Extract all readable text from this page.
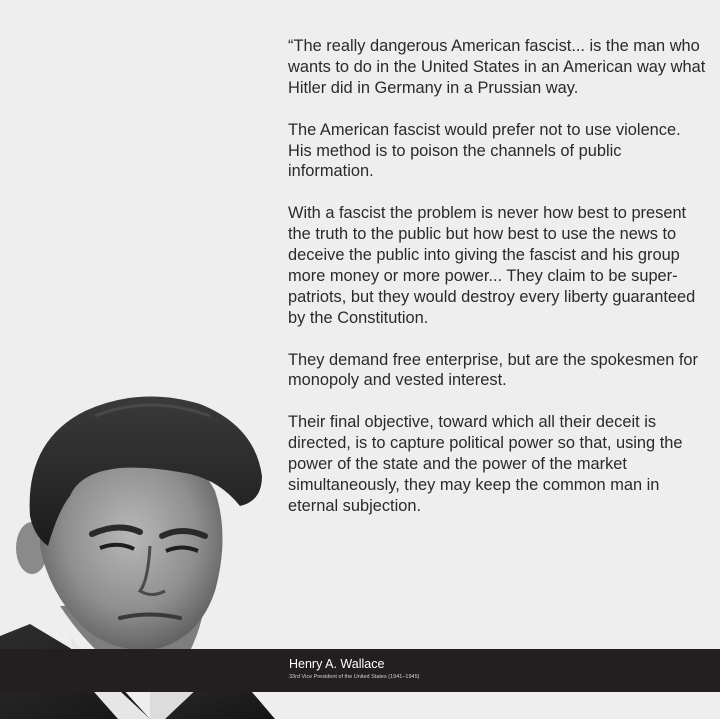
“The really dangerous American fascist... is the man who wants to do in the United States in an American way what Hitler did in Germany in a Prussian way.

The American fascist would prefer not to use violence. His method is to poison the channels of public information.

With a fascist the problem is never how best to present the truth to the public but how best to use the news to deceive the public into giving the fascist and his group more money or more power... They claim to be super-patriots, but they would destroy every liberty guaranteed by the Constitution.

They demand free enterprise, but are the spokesmen for monopoly and vested interest.

Their final objective, toward which all their deceit is directed, is to capture political power so that, using the power of the state and the power of the market simultaneously, they may keep the common man in eternal subjection.

Henry A. Wallace
33rd Vice President of the United States (1941–1945)
